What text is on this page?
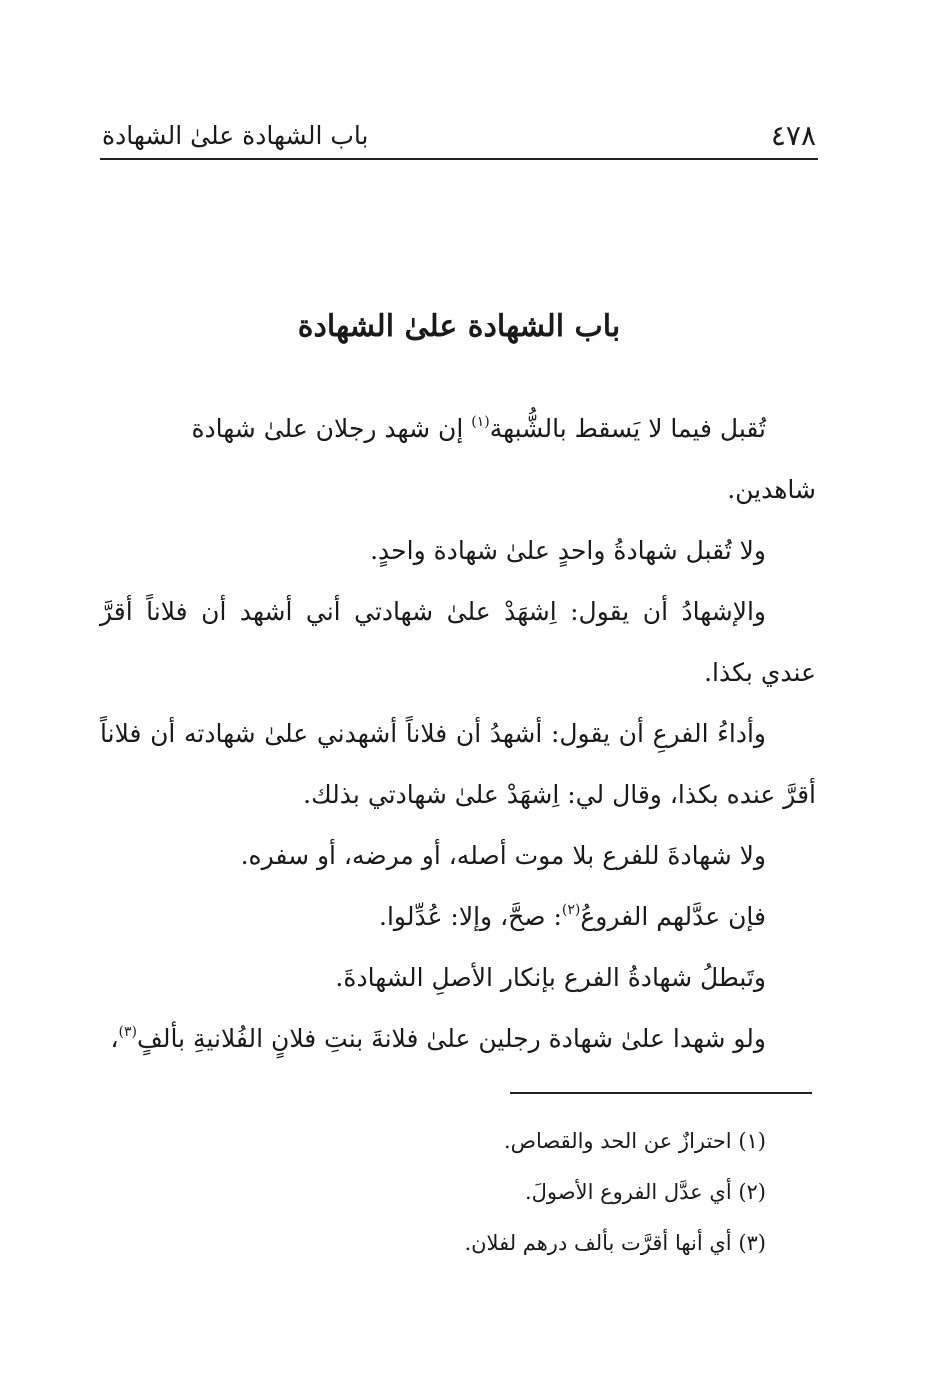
٤٧٨
باب الشهادة علىٰ الشهادة
باب الشهادة علىٰ الشهادة

تُقبل فيما لا يَسقط بالشُّبهة$^{(١)}$ إن شهد رجلان علىٰ شهادة شاهدين.

ولا تُقبل شهادةُ واحدٍ علىٰ شهادة واحدٍ.

والإشهادُ أن يقول: اِشهَدْ علىٰ شهادتي أني أشهد أن فلاناً أقرَّ عندي بكذا.

وأداءُ الفرعِ أن يقول: أشهدُ أن فلاناً أشهدني علىٰ شهادته أن فلاناً أقرَّ عنده بكذا، وقال لي: اِشهَدْ علىٰ شهادتي بذلك.

ولا شهادةَ للفرع بلا موت أصله، أو مرضه، أو سفره.

فإن عدَّلهم الفروعُ$^{(٢)}$: صحَّ، وإلا: عُدِّلوا.

وتَبطلُ شهادةُ الفرع بإنكار الأصلِ الشهادةَ.

ولو شهدا علىٰ شهادة رجلين علىٰ فلانةَ بنتِ فلانٍ الفُلانيةِ بألفٍ$^{(٣)}$،

(١) احترازٌ عن الحد والقصاص.

(٢) أي عدَّل الفروع الأصولَ.

(٣) أي أنها أقرَّت بألف درهم لفلان.
